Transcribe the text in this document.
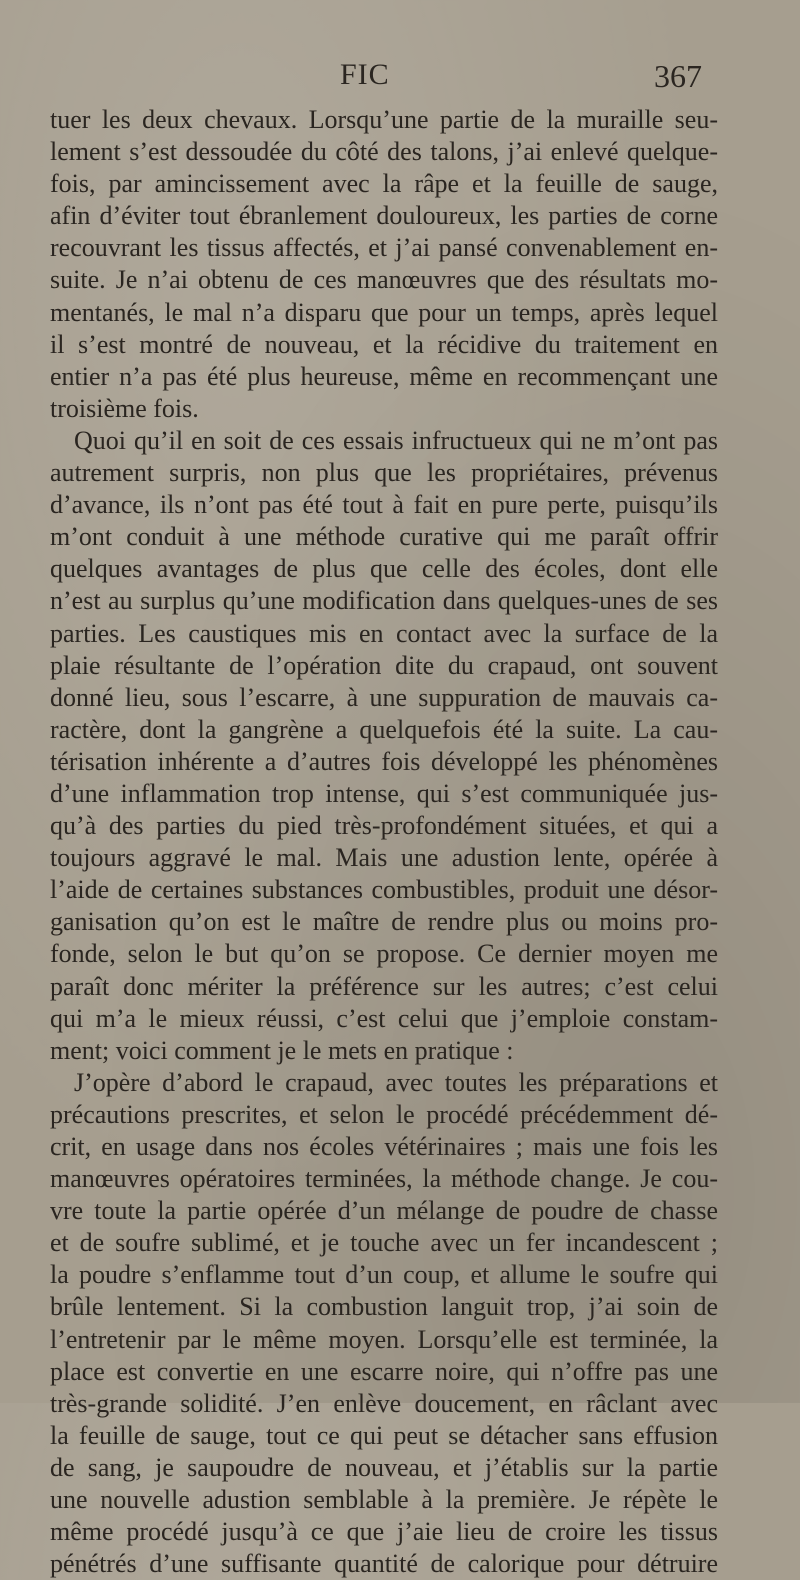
FIC	367
tuer les deux chevaux. Lorsqu’une partie de la muraille seu-
lement s’est dessoudée du côté des talons, j’ai enlevé quelque-
fois, par amincissement avec la râpe et la feuille de sauge,
afin d’éviter tout ébranlement douloureux, les parties de corne
recouvrant les tissus affectés, et j’ai pansé convenablement en-
suite. Je n’ai obtenu de ces manœuvres que des résultats mo-
mentanés, le mal n’a disparu que pour un temps, après lequel
il s’est montré de nouveau, et la récidive du traitement en
entier n’a pas été plus heureuse, même en recommençant une
troisième fois.
Quoi qu’il en soit de ces essais infructueux qui ne m’ont pas
autrement surpris, non plus que les propriétaires, prévenus
d’avance, ils n’ont pas été tout à fait en pure perte, puisqu’ils
m’ont conduit à une méthode curative qui me paraît offrir
quelques avantages de plus que celle des écoles, dont elle
n’est au surplus qu’une modification dans quelques-unes de ses
parties. Les caustiques mis en contact avec la surface de la
plaie résultante de l’opération dite du crapaud, ont souvent
donné lieu, sous l’escarre, à une suppuration de mauvais ca-
ractère, dont la gangrène a quelquefois été la suite. La cau-
térisation inhérente a d’autres fois développé les phénomènes
d’une inflammation trop intense, qui s’est communiquée jus-
qu’à des parties du pied très-profondément situées, et qui a
toujours aggravé le mal. Mais une adustion lente, opérée à
l’aide de certaines substances combustibles, produit une désor-
ganisation qu’on est le maître de rendre plus ou moins pro-
fonde, selon le but qu’on se propose. Ce dernier moyen me
paraît donc mériter la préférence sur les autres; c’est celui
qui m’a le mieux réussi, c’est celui que j’emploie constam-
ment; voici comment je le mets en pratique :
J’opère d’abord le crapaud, avec toutes les préparations et
précautions prescrites, et selon le procédé précédemment dé-
crit, en usage dans nos écoles vétérinaires ; mais une fois les
manœuvres opératoires terminées, la méthode change. Je cou-
vre toute la partie opérée d’un mélange de poudre de chasse
et de soufre sublimé, et je touche avec un fer incandescent ;
la poudre s’enflamme tout d’un coup, et allume le soufre qui
brûle lentement. Si la combustion languit trop, j’ai soin de
l’entretenir par le même moyen. Lorsqu’elle est terminée, la
place est convertie en une escarre noire, qui n’offre pas une
très-grande solidité. J’en enlève doucement, en râclant avec
la feuille de sauge, tout ce qui peut se détacher sans effusion
de sang, je saupoudre de nouveau, et j’établis sur la partie
une nouvelle adustion semblable à la première. Je répète le
même procédé jusqu’à ce que j’aie lieu de croire les tissus
pénétrés d’une suffisante quantité de calorique pour détruire
